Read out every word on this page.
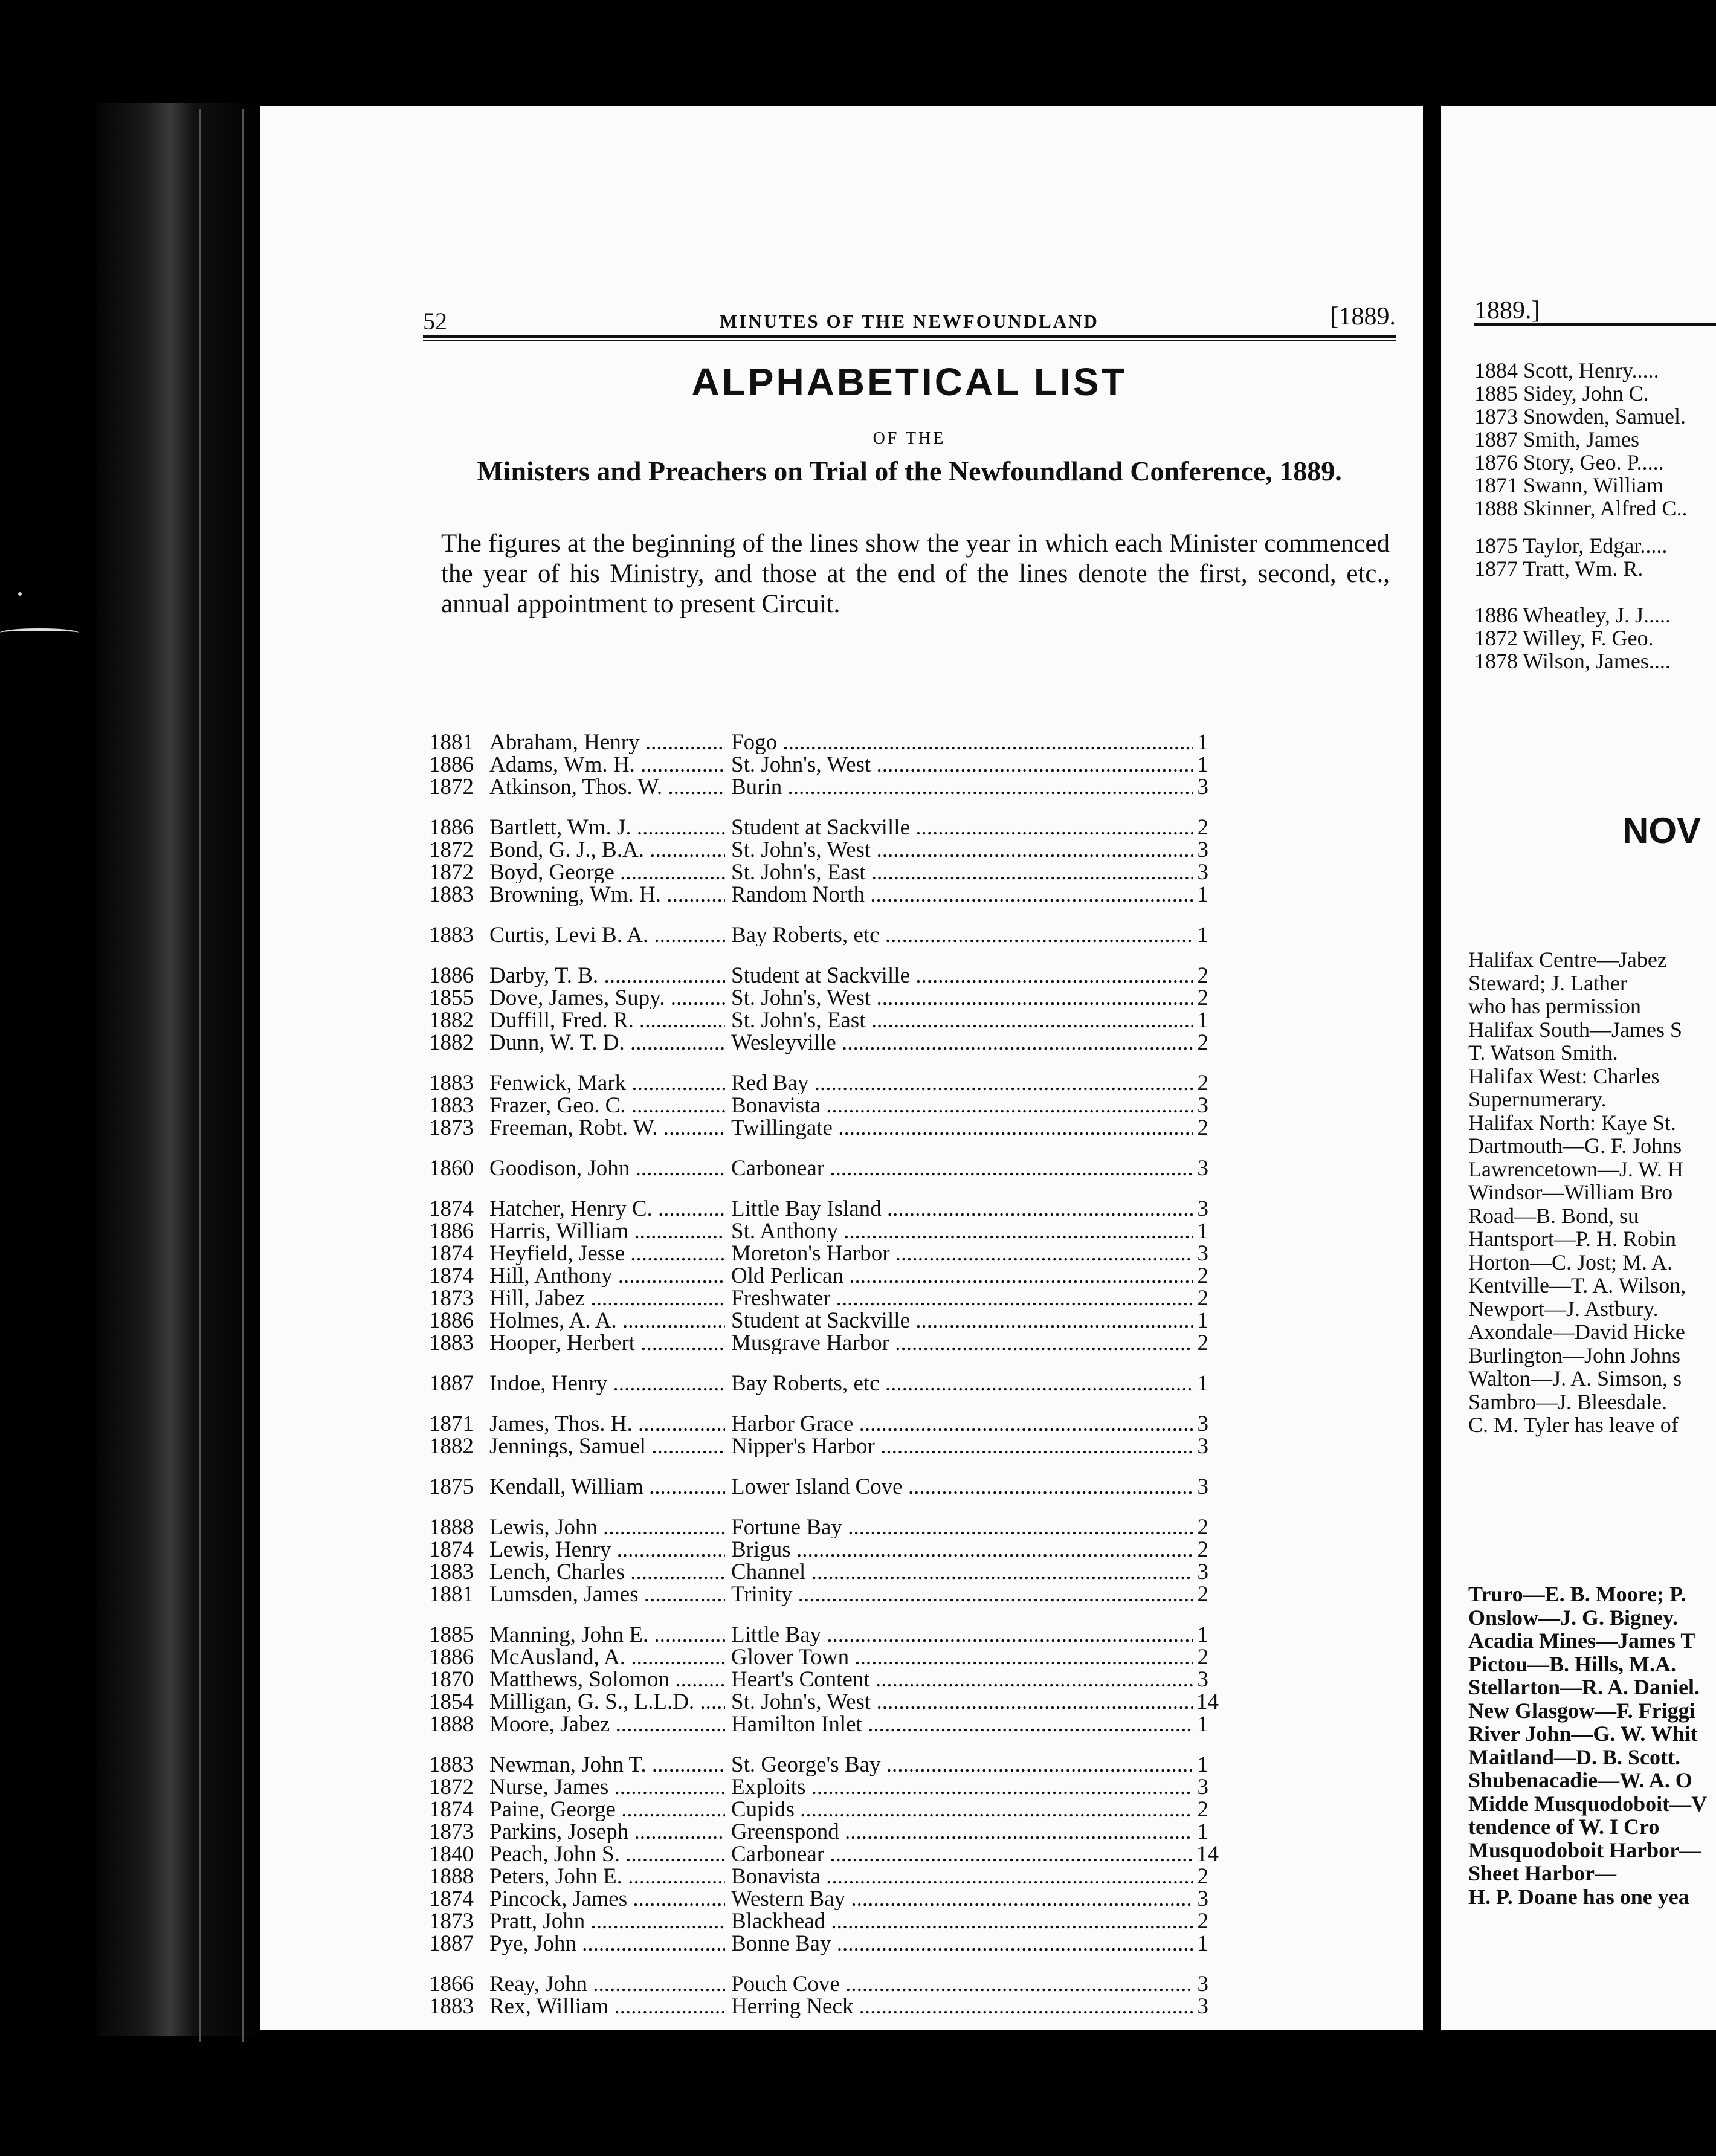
52	MINUTES OF THE NEWFOUNDLAND	[1889.
ALPHABETICAL LIST
OF THE
Ministers and Preachers on Trial of the Newfoundland Conference, 1889.
The figures at the beginning of the lines show the year in which each Minister commenced the year of his Ministry, and those at the end of the lines denote the first, second, etc., annual appointment to present Circuit.
1881 Abraham, Henry .....	Fogo .....	1
1886 Adams, Wm. H. .....	St. John's, West .....	1
1872 Atkinson, Thos. W. .....	Burin .....	3
1886 Bartlett, Wm. J. .....	Student at Sackville .....	2
1872 Bond, G. J., B.A. .....	St. John's, West .....	3
1872 Boyd, George .....	St. John's, East .....	3
1883 Browning, Wm. H. .....	Random North .....	1
1883 Curtis, Levi B. A. .....	Bay Roberts, etc .....	1
1886 Darby, T. B. .....	Student at Sackville .....	2
1855 Dove, James, Supy. .....	St. John's, West .....	2
1882 Duffill, Fred. R. .....	St. John's, East .....	1
1882 Dunn, W. T. D. .....	Wesleyville .....	2
1883 Fenwick, Mark .....	Red Bay .....	2
1883 Frazer, Geo. C. .....	Bonavista .....	3
1873 Freeman, Robt. W. .....	Twillingate .....	2
1860 Goodison, John .....	Carbonear .....	3
1874 Hatcher, Henry C. .....	Little Bay Island .....	3
1886 Harris, William .....	St. Anthony .....	1
1874 Heyfield, Jesse .....	Moreton's Harbor .....	3
1874 Hill, Anthony .....	Old Perlican .....	2
1873 Hill, Jabez .....	Freshwater .....	2
1886 Holmes, A. A. .....	Student at Sackville .....	1
1883 Hooper, Herbert .....	Musgrave Harbor .....	2
1887 Indoe, Henry .....	Bay Roberts, etc .....	1
1871 James, Thos. H. .....	Harbor Grace .....	3
1882 Jennings, Samuel .....	Nipper's Harbor .....	3
1875 Kendall, William .....	Lower Island Cove .....	3
1888 Lewis, John .....	Fortune Bay .....	2
1874 Lewis, Henry .....	Brigus .....	2
1883 Lench, Charles .....	Channel .....	3
1881 Lumsden, James .....	Trinity .....	2
1885 Manning, John E. .....	Little Bay .....	1
1886 McAusland, A. .....	Glover Town .....	2
1870 Matthews, Solomon .....	Heart's Content .....	3
1854 Milligan, G. S., L.L.D. .....	St. John's, West .....	14
1888 Moore, Jabez .....	Hamilton Inlet .....	1
1883 Newman, John T. .....	St. George's Bay .....	1
1872 Nurse, James .....	Exploits .....	3
1874 Paine, George .....	Cupids .....	2
1873 Parkins, Joseph .....	Greenspond .....	1
1840 Peach, John S. .....	Carbonear .....	14
1888 Peters, John E. .....	Bonavista .....	2
1874 Pincock, James .....	Western Bay .....	3
1873 Pratt, John .....	Blackhead .....	2
1887 Pye, John .....	Bonne Bay .....	1
1866 Reay, John .....	Pouch Cove .....	3
1883 Rex, William .....	Herring Neck .....	3
1889.]
1884 Scott, Henry.....
1885 Sidey, John C.
1873 Snowden, Samuel.
1887 Smith, James
1876 Story, Geo. P.....
1871 Swann, William
1888 Skinner, Alfred C..
1875 Taylor, Edgar.....
1877 Tratt, Wm. R.
1886 Wheatley, J. J.....
1872 Willey, F. Geo.
1878 Wilson, James....
Halifax Centre—Jabez
Steward; J. Lather
who has permission
Halifax South—James S
T. Watson Smith.
Halifax West: Charles
Supernumerary.
Halifax North: Kaye St.
Dartmouth—G. F. Johns
Lawrencetown—J. W. H
Windsor—William Bro
Road—B. Bond, su
Hantsport—P. H. Robin
Horton—C. Jost; M. A.
Kentville—T. A. Wilson,
Newport—J. Astbury.
Axondale—David Hicke
Burlington—John Johns
Walton—J. A. Simson, s
Sambro—J. Bleesdale.
C. M. Tyler has leave of
Truro—E. B. Moore; P.
Onslow—J. G. Bigney.
Acadia Mines—James T
Pictou—B. Hills, M.A.
Stellarton—R. A. Daniel.
New Glasgow—F. Friggi
River John—G. W. Whit
Maitland—D. B. Scott.
Shubenacadie—W. A. O
Midde Musquodoboit—V
tendence of W. I Cro
Musquodoboit Harbor—
Sheet Harbor—
H. P. Doane has one yea
NOV
